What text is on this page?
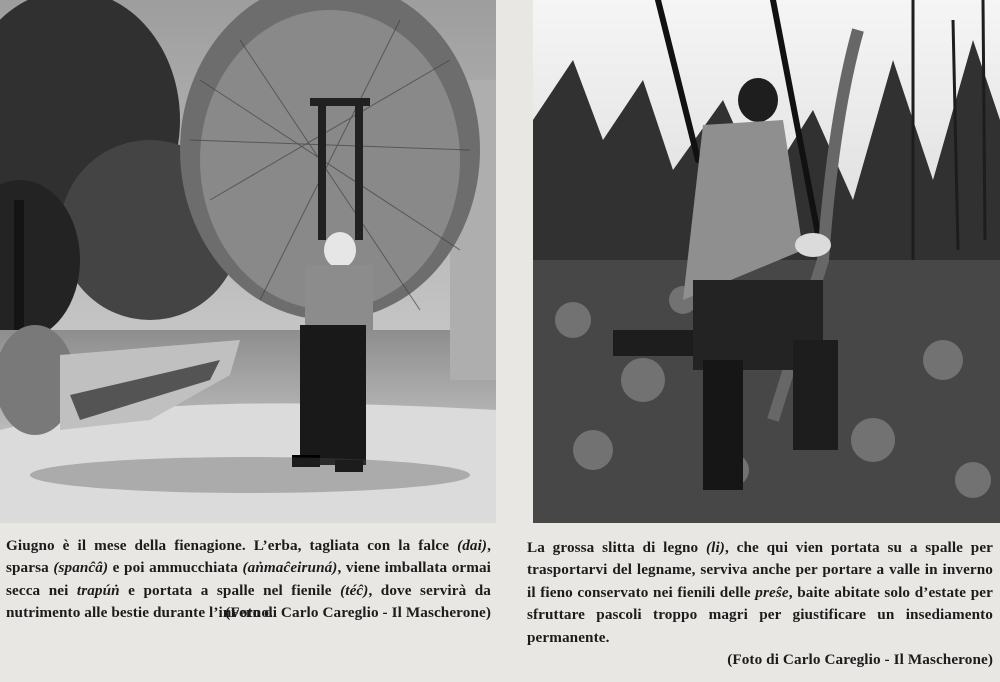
Giugno è il mese della fienagione. L’erba, tagliata con la falce (dai), sparsa (spanĉâ) e poi ammucchiata (aṅmaĉeiruná), viene imballata ormai secca nei trapúṅ e portata a spalle nel fienile (téĉ), dove servirà da nutrimento alle bestie durante l’inverno.
(Foto di Carlo Careglio - Il Mascherone)
La grossa slitta di legno (li), che qui vien portata su a spalle per trasportarvi del legname, serviva anche per portare a valle in inverno il fieno conservato nei fienili delle preŝe, baite abitate solo d’estate per sfruttare pascoli troppo magri per giustificare un insediamento permanente.
(Foto di Carlo Careglio - Il Mascherone)
